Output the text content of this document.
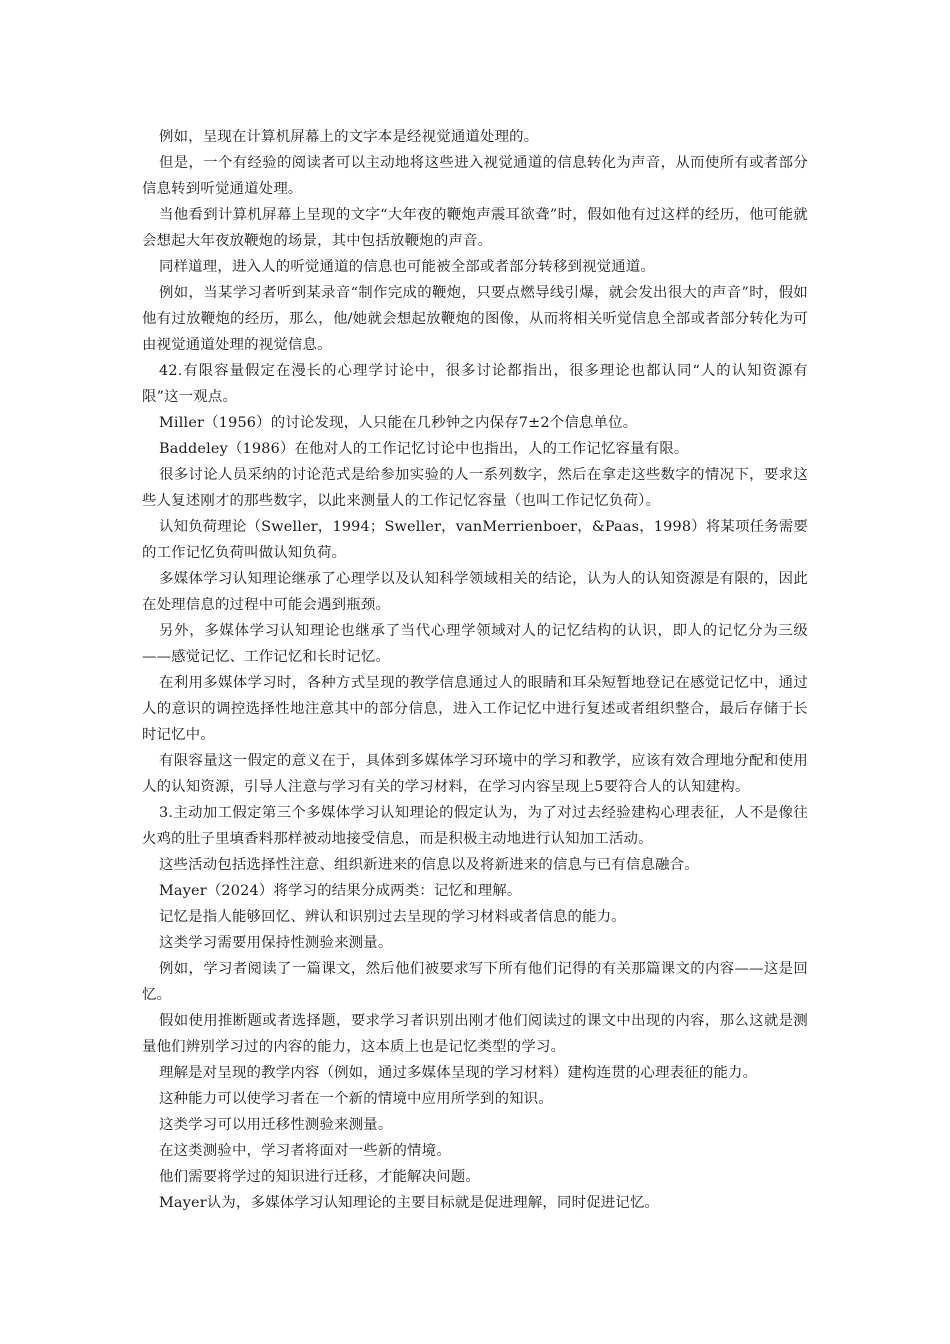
例如，呈现在计算机屏幕上的文字本是经视觉通道处理的。

但是，一个有经验的阅读者可以主动地将这些进入视觉通道的信息转化为声音，从而使所有或者部分信息转到听觉通道处理。

当他看到计算机屏幕上呈现的文字“大年夜的鞭炮声震耳欲聋”时，假如他有过这样的经历，他可能就会想起大年夜放鞭炮的场景，其中包括放鞭炮的声音。

同样道理，进入人的听觉通道的信息也可能被全部或者部分转移到视觉通道。

例如，当某学习者听到某录音“制作完成的鞭炮，只要点燃导线引爆，就会发出很大的声音”时，假如他有过放鞭炮的经历，那么，他/她就会想起放鞭炮的图像，从而将相关听觉信息全部或者部分转化为可由视觉通道处理的视觉信息。

42.有限容量假定在漫长的心理学讨论中，很多讨论都指出，很多理论也都认同“人的认知资源有限”这一观点。

Miller（1956）的讨论发现，人只能在几秒钟之内保存7±2个信息单位。

Baddeley（1986）在他对人的工作记忆讨论中也指出，人的工作记忆容量有限。

很多讨论人员采纳的讨论范式是给参加实验的人一系列数字，然后在拿走这些数字的情况下，要求这些人复述刚才的那些数字，以此来测量人的工作记忆容量（也叫工作记忆负荷）。

认知负荷理论（Sweller，1994；Sweller，vanMerrienboer，&Paas，1998）将某项任务需要的工作记忆负荷叫做认知负荷。

多媒体学习认知理论继承了心理学以及认知科学领域相关的结论，认为人的认知资源是有限的，因此在处理信息的过程中可能会遇到瓶颈。

另外，多媒体学习认知理论也继承了当代心理学领域对人的记忆结构的认识，即人的记忆分为三级——感觉记忆、工作记忆和长时记忆。

在利用多媒体学习时，各种方式呈现的教学信息通过人的眼睛和耳朵短暂地登记在感觉记忆中，通过人的意识的调控选择性地注意其中的部分信息，进入工作记忆中进行复述或者组织整合，最后存储于长时记忆中。

有限容量这一假定的意义在于，具体到多媒体学习环境中的学习和教学，应该有效合理地分配和使用人的认知资源，引导人注意与学习有关的学习材料，在学习内容呈现上5要符合人的认知建构。

3.主动加工假定第三个多媒体学习认知理论的假定认为，为了对过去经验建构心理表征，人不是像往火鸡的肚子里填香料那样被动地接受信息，而是积极主动地进行认知加工活动。

这些活动包括选择性注意、组织新进来的信息以及将新进来的信息与已有信息融合。

Mayer（2024）将学习的结果分成两类：记忆和理解。

记忆是指人能够回忆、辨认和识别过去呈现的学习材料或者信息的能力。

这类学习需要用保持性测验来测量。

例如，学习者阅读了一篇课文，然后他们被要求写下所有他们记得的有关那篇课文的内容——这是回忆。

假如使用推断题或者选择题，要求学习者识别出刚才他们阅读过的课文中出现的内容，那么这就是测量他们辨别学习过的内容的能力，这本质上也是记忆类型的学习。

理解是对呈现的教学内容（例如，通过多媒体呈现的学习材料）建构连贯的心理表征的能力。

这种能力可以使学习者在一个新的情境中应用所学到的知识。

这类学习可以用迁移性测验来测量。

在这类测验中，学习者将面对一些新的情境。

他们需要将学过的知识进行迁移，才能解决问题。

Mayer认为，多媒体学习认知理论的主要目标就是促进理解，同时促进记忆。
